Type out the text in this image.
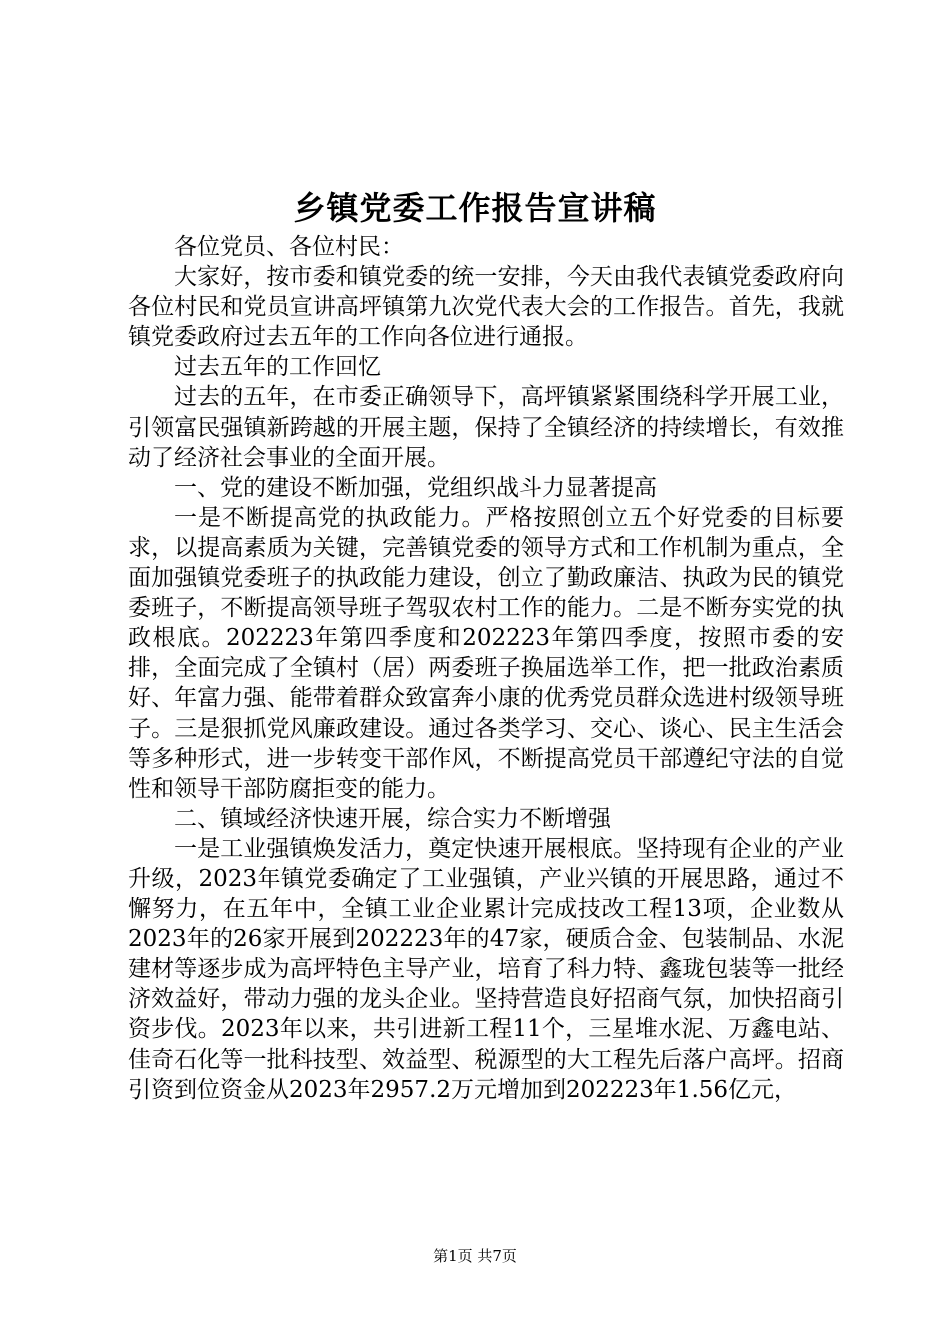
乡镇党委工作报告宣讲稿

各位党员、各位村民：

大家好，按市委和镇党委的统一安排，今天由我代表镇党委政府向各位村民和党员宣讲高坪镇第九次党代表大会的工作报告。首先，我就镇党委政府过去五年的工作向各位进行通报。

过去五年的工作回忆

过去的五年，在市委正确领导下，高坪镇紧紧围绕科学开展工业，引领富民强镇新跨越的开展主题，保持了全镇经济的持续增长，有效推动了经济社会事业的全面开展。

一、党的建设不断加强，党组织战斗力显著提高

一是不断提高党的执政能力。严格按照创立五个好党委的目标要求，以提高素质为关键，完善镇党委的领导方式和工作机制为重点，全面加强镇党委班子的执政能力建设，创立了勤政廉洁、执政为民的镇党委班子，不断提高领导班子驾驭农村工作的能力。二是不断夯实党的执政根底。202223年第四季度和202223年第四季度，按照市委的安排，全面完成了全镇村（居）两委班子换届选举工作，把一批政治素质好、年富力强、能带着群众致富奔小康的优秀党员群众选进村级领导班子。三是狠抓党风廉政建设。通过各类学习、交心、谈心、民主生活会等多种形式，进一步转变干部作风，不断提高党员干部遵纪守法的自觉性和领导干部防腐拒变的能力。

二、镇域经济快速开展，综合实力不断增强

一是工业强镇焕发活力，奠定快速开展根底。坚持现有企业的产业升级，2023年镇党委确定了工业强镇，产业兴镇的开展思路，通过不懈努力，在五年中，全镇工业企业累计完成技改工程13项，企业数从2023年的26家开展到202223年的47家，硬质合金、包装制品、水泥建材等逐步成为高坪特色主导产业，培育了科力特、鑫珑包装等一批经济效益好，带动力强的龙头企业。坚持营造良好招商气氛，加快招商引资步伐。2023年以来，共引进新工程11个，三星堆水泥、万鑫电站、佳奇石化等一批科技型、效益型、税源型的大工程先后落户高坪。招商引资到位资金从2023年2957.2万元增加到202223年1.56亿元，

第1页 共7页
